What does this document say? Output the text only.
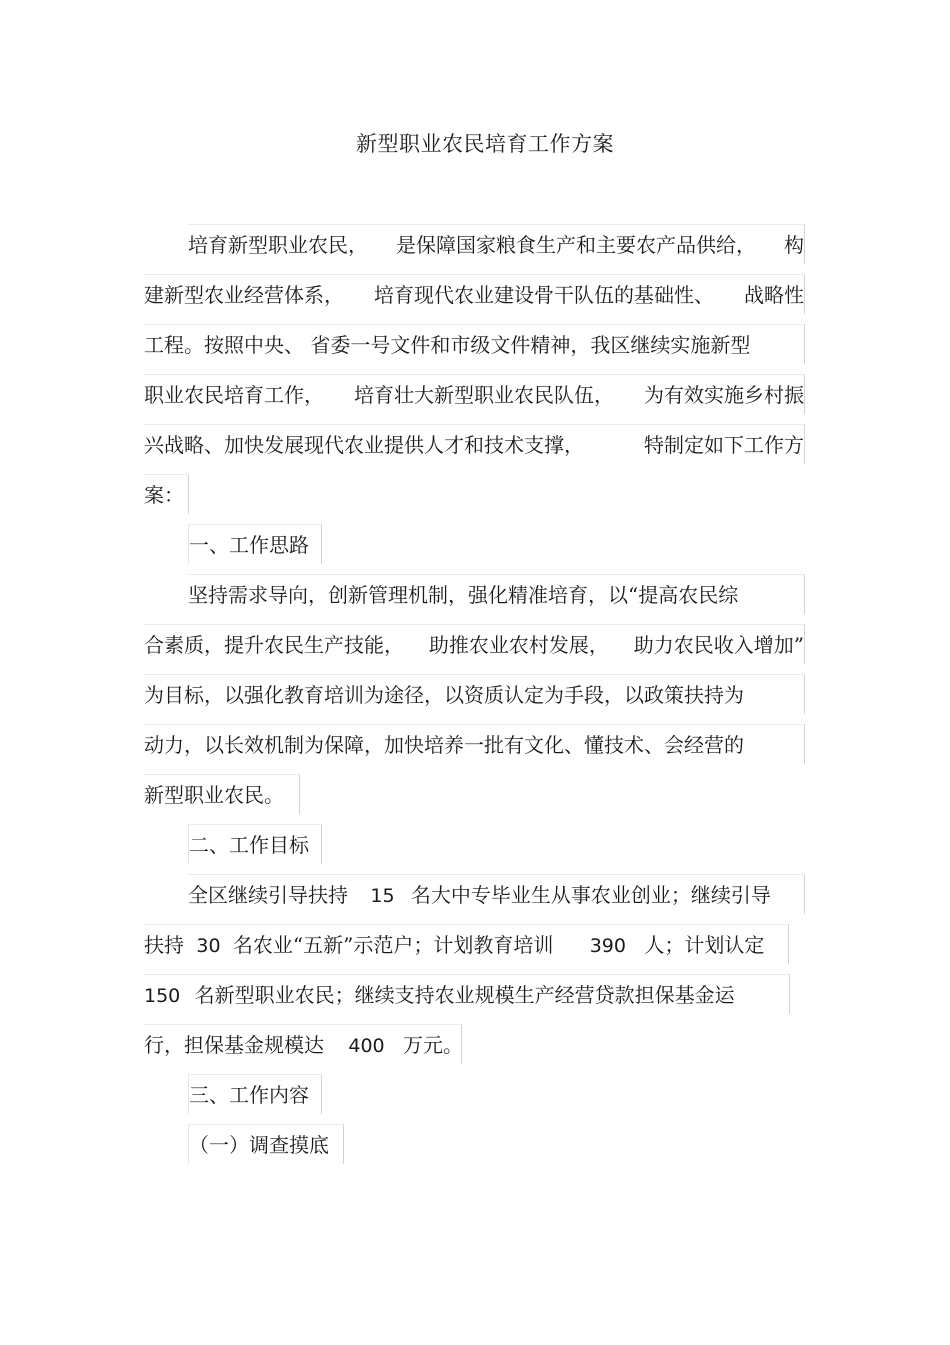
新型职业农民培育工作方案
培育新型职业农民， 是保障国家粮食生产和主要农产品供给， 构
建新型农业经营体系， 培育现代农业建设骨干队伍的基础性、 战略性
工程。按照中央、 省委一号文件和市级文件精神，我区继续实施新型
职业农民培育工作， 培育壮大新型职业农民队伍， 为有效实施乡村振
兴战略、加快发展现代农业提供人才和技术支撑，	特制定如下工作方
案：
一、工作思路
坚持需求导向，创新管理机制，强化精准培育，以“提高农民综
合素质，提升农民生产技能， 助推农业农村发展， 助力农民收入增加”
为目标，以强化教育培训为途径，以资质认定为手段，以政策扶持为
动力，以长效机制为保障，加快培养一批有文化、懂技术、会经营的
新型职业农民。
二、工作目标
全区继续引导扶持 15 名大中专毕业生从事农业创业；继续引导
扶持 30 名农业“五新”示范户；计划教育培训 390 人；计划认定
150 名新型职业农民；继续支持农业规模生产经营贷款担保基金运
行，担保基金规模达 400 万元。
三、工作内容
（一）调查摸底
